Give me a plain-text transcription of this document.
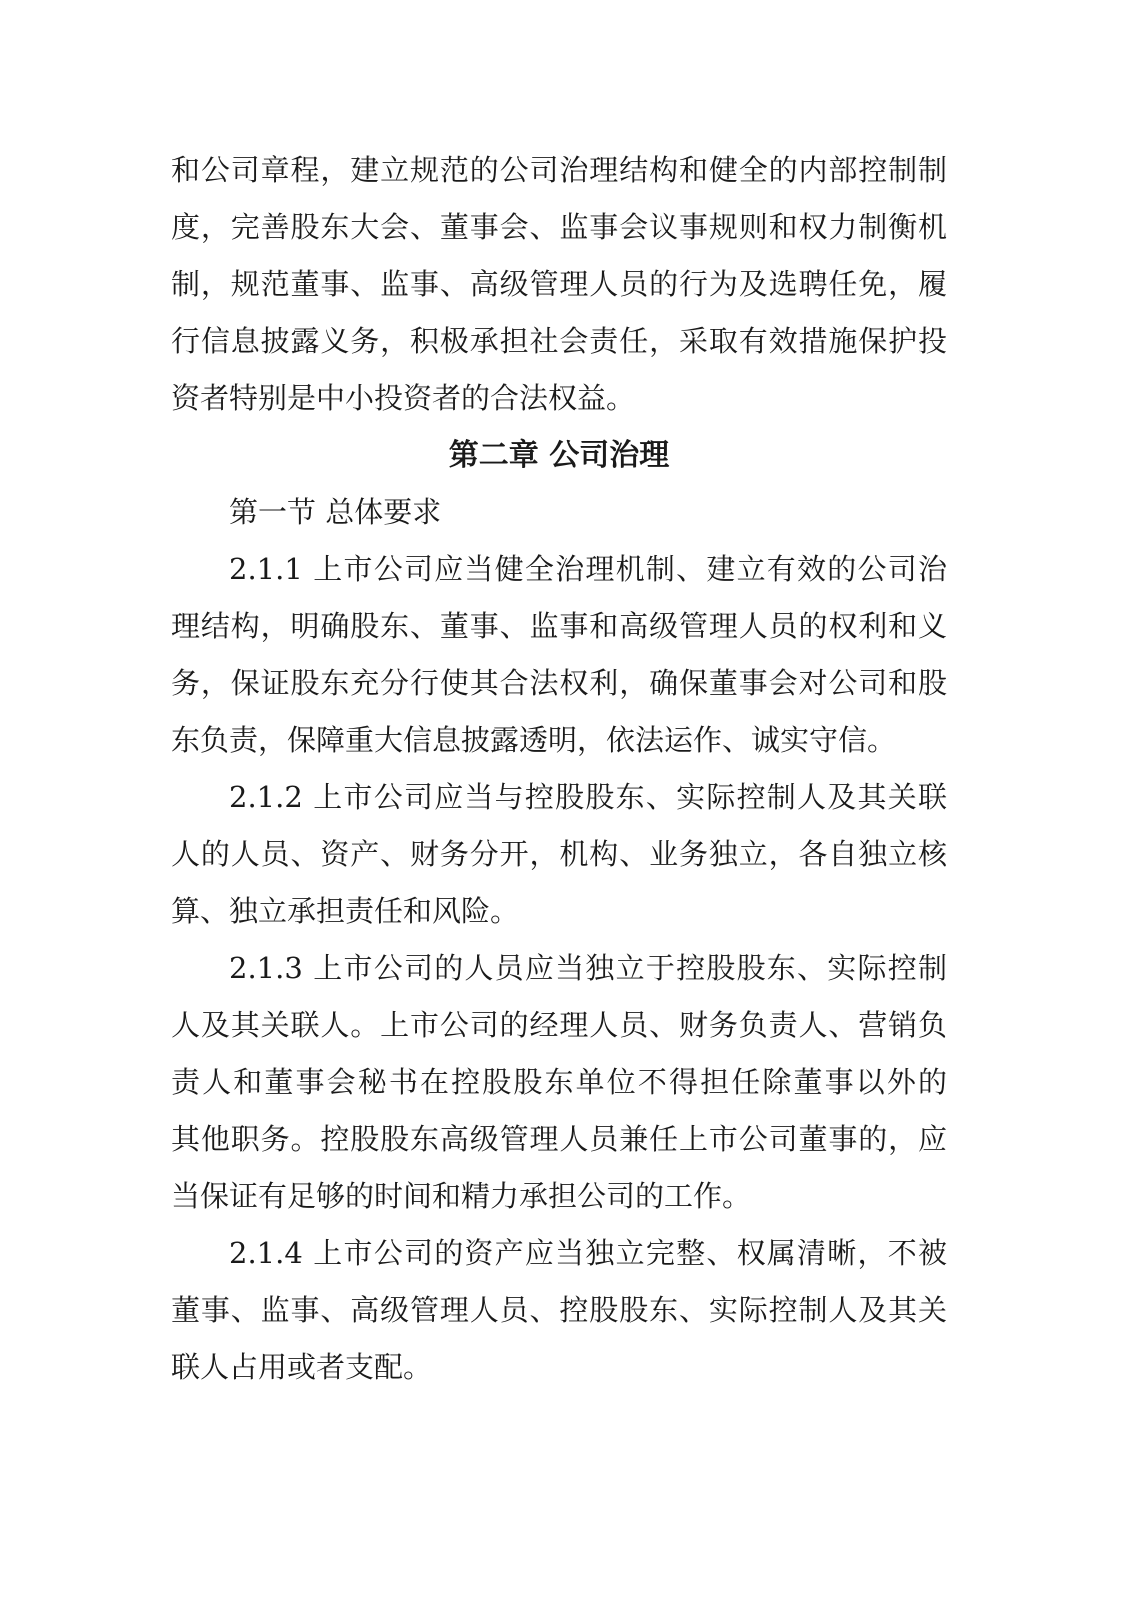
和公司章程，建立规范的公司治理结构和健全的内部控制制
度，完善股东大会、董事会、监事会议事规则和权力制衡机
制，规范董事、监事、高级管理人员的行为及选聘任免，履
行信息披露义务，积极承担社会责任，采取有效措施保护投
资者特别是中小投资者的合法权益。
第二章 公司治理
第一节 总体要求
2.1.1 上市公司应当健全治理机制、建立有效的公司治
理结构，明确股东、董事、监事和高级管理人员的权利和义
务，保证股东充分行使其合法权利，确保董事会对公司和股
东负责，保障重大信息披露透明，依法运作、诚实守信。
2.1.2 上市公司应当与控股股东、实际控制人及其关联
人的人员、资产、财务分开，机构、业务独立，各自独立核
算、独立承担责任和风险。
2.1.3 上市公司的人员应当独立于控股股东、实际控制
人及其关联人。上市公司的经理人员、财务负责人、营销负
责人和董事会秘书在控股股东单位不得担任除董事以外的
其他职务。控股股东高级管理人员兼任上市公司董事的，应
当保证有足够的时间和精力承担公司的工作。
2.1.4 上市公司的资产应当独立完整、权属清晰，不被
董事、监事、高级管理人员、控股股东、实际控制人及其关
联人占用或者支配。
